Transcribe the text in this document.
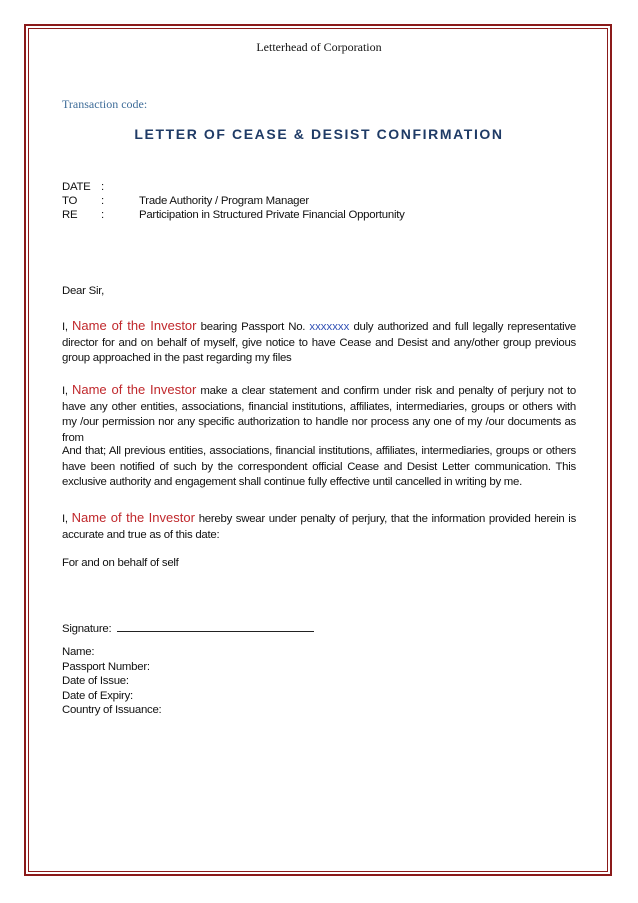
Letterhead of Corporation
Transaction code:
LETTER OF CEASE & DESIST CONFIRMATION
DATE :
TO :	Trade Authority / Program Manager
RE :	Participation in Structured Private Financial Opportunity
Dear Sir,
I, Name of the Investor bearing Passport No. xxxxxxx duly authorized and full legally representative director for and on behalf of myself, give notice to have Cease and Desist and any/other group previous group approached in the past regarding my files
I, Name of the Investor make a clear statement and confirm under risk and penalty of perjury not to have any other entities, associations, financial institutions, affiliates, intermediaries, groups or others with my /our permission nor any specific authorization to handle nor process any one of my /our documents as from
And that; All previous entities, associations, financial institutions, affiliates, intermediaries, groups or others have been notified of such by the correspondent official Cease and Desist Letter communication. This exclusive authority and engagement shall continue fully effective until cancelled in writing by me.
I, Name of the Investor hereby swear under penalty of perjury, that the information provided herein is accurate and true as of this date:
For and on behalf of self
Signature:
Name:
Passport Number:
Date of Issue:
Date of Expiry:
Country of Issuance:
